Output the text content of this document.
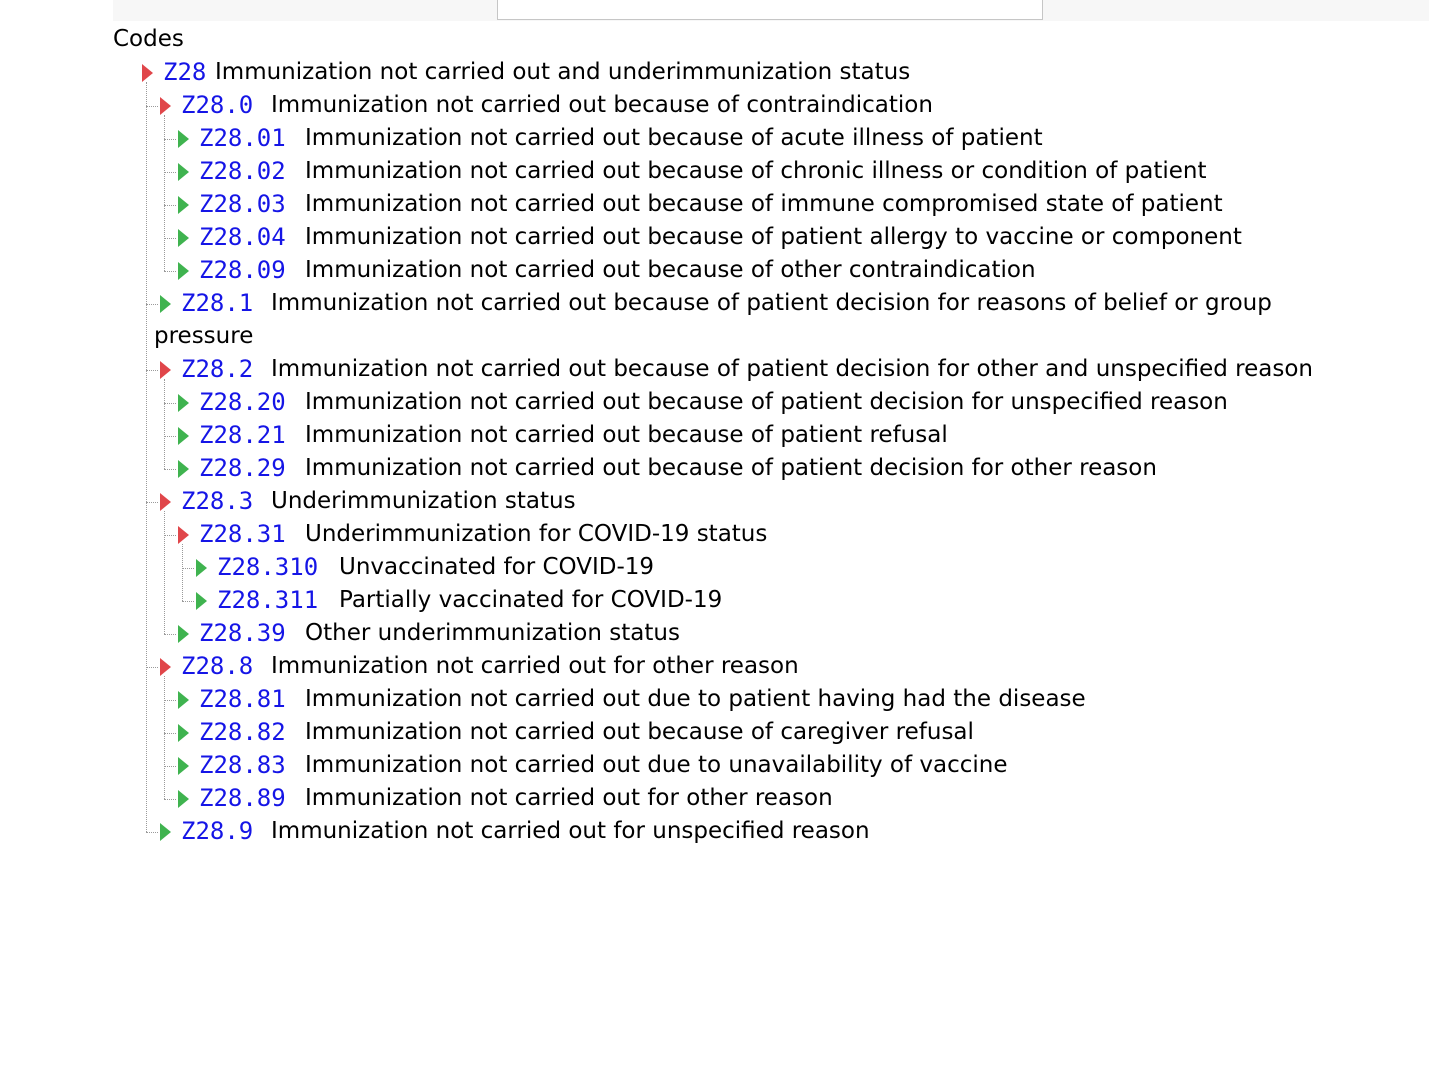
Codes
Z28 Immunization not carried out and underimmunization status
Z28.0 Immunization not carried out because of contraindication
Z28.01 Immunization not carried out because of acute illness of patient
Z28.02 Immunization not carried out because of chronic illness or condition of patient
Z28.03 Immunization not carried out because of immune compromised state of patient
Z28.04 Immunization not carried out because of patient allergy to vaccine or component
Z28.09 Immunization not carried out because of other contraindication
Z28.1 Immunization not carried out because of patient decision for reasons of belief or group
pressure
Z28.2 Immunization not carried out because of patient decision for other and unspecified reason
Z28.20 Immunization not carried out because of patient decision for unspecified reason
Z28.21 Immunization not carried out because of patient refusal
Z28.29 Immunization not carried out because of patient decision for other reason
Z28.3 Underimmunization status
Z28.31 Underimmunization for COVID-19 status
Z28.310 Unvaccinated for COVID-19
Z28.311 Partially vaccinated for COVID-19
Z28.39 Other underimmunization status
Z28.8 Immunization not carried out for other reason
Z28.81 Immunization not carried out due to patient having had the disease
Z28.82 Immunization not carried out because of caregiver refusal
Z28.83 Immunization not carried out due to unavailability of vaccine
Z28.89 Immunization not carried out for other reason
Z28.9 Immunization not carried out for unspecified reason
